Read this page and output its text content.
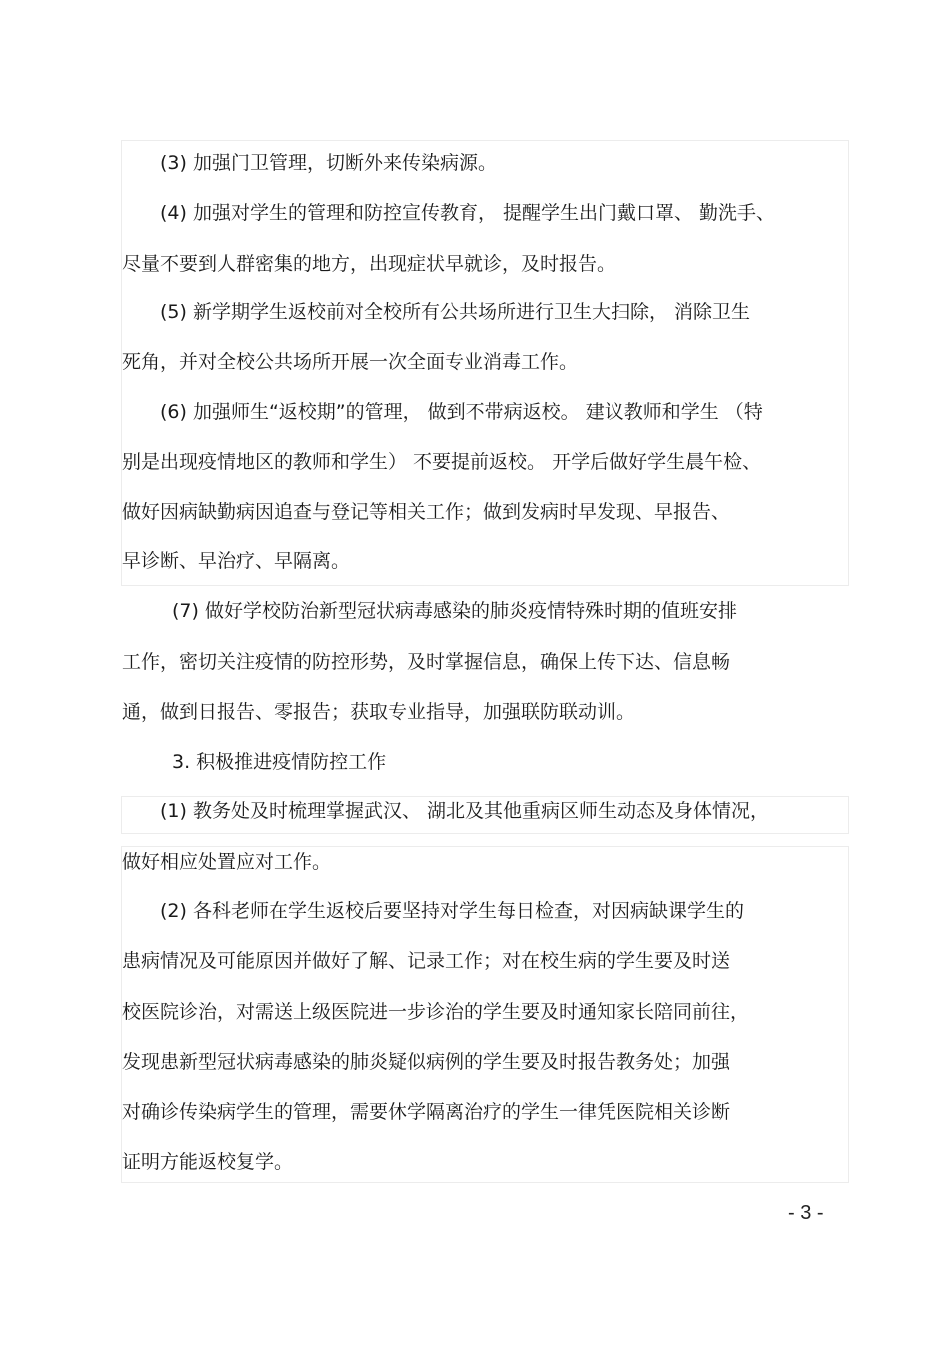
(3) 加强门卫管理，切断外来传染病源。
(4) 加强对学生的管理和防控宣传教育， 提醒学生出门戴口罩、 勤洗手、
尽量不要到人群密集的地方，出现症状早就诊，及时报告。
(5) 新学期学生返校前对全校所有公共场所进行卫生大扫除， 消除卫生
死角，并对全校公共场所开展一次全面专业消毒工作。
(6) 加强师生“返校期”的管理， 做到不带病返校。 建议教师和学生 （特
别是出现疫情地区的教师和学生） 不要提前返校。 开学后做好学生晨午检、
做好因病缺勤病因追查与登记等相关工作；做到发病时早发现、早报告、
早诊断、早治疗、早隔离。
(7) 做好学校防治新型冠状病毒感染的肺炎疫情特殊时期的值班安排
工作，密切关注疫情的防控形势，及时掌握信息，确保上传下达、信息畅
通，做到日报告、零报告；获取专业指导，加强联防联动训。
3. 积极推进疫情防控工作
(1) 教务处及时梳理掌握武汉、 湖北及其他重病区师生动态及身体情况，
做好相应处置应对工作。
(2) 各科老师在学生返校后要坚持对学生每日检查，对因病缺课学生的
患病情况及可能原因并做好了解、记录工作；对在校生病的学生要及时送
校医院诊治，对需送上级医院进一步诊治的学生要及时通知家长陪同前往，
发现患新型冠状病毒感染的肺炎疑似病例的学生要及时报告教务处；加强
对确诊传染病学生的管理，需要休学隔离治疗的学生一律凭医院相关诊断
证明方能返校复学。
- 3 -
